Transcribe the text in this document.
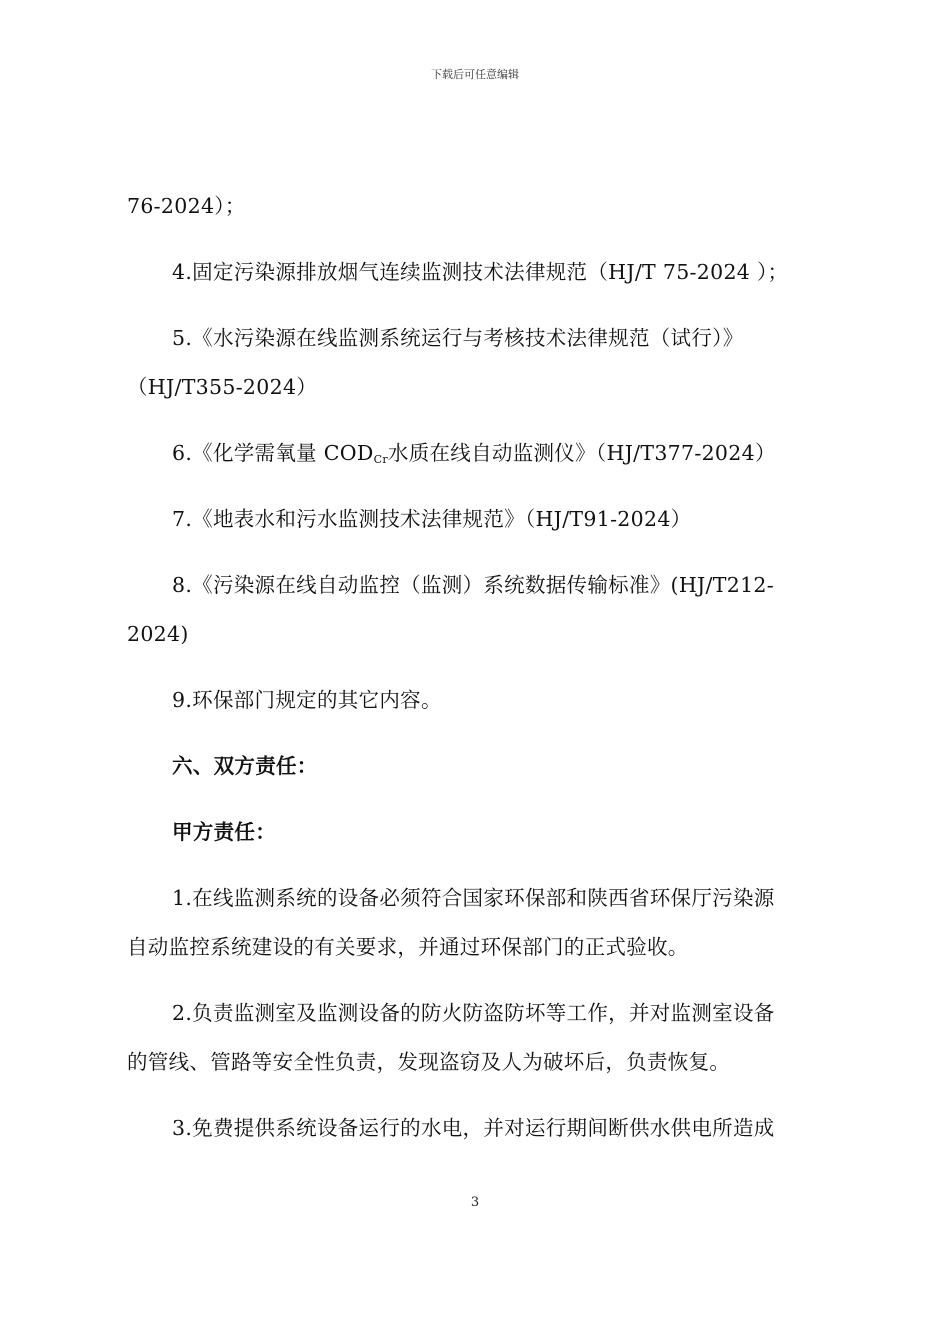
下载后可任意编辑
76-2024）；
4.固定污染源排放烟气连续监测技术法律规范（HJ/T 75-2024 ）；
5.《水污染源在线监测系统运行与考核技术法律规范（试行）》
（HJ/T355-2024）
6.《化学需氧量 $COD_{Cr}$水质在线自动监测仪》（HJ/T377-2024）
7.《地表水和污水监测技术法律规范》（HJ/T91-2024）
8.《污染源在线自动监控（监测）系统数据传输标准》(HJ/T212-
2024)
9.环保部门规定的其它内容。
六、双方责任：
甲方责任：
1.在线监测系统的设备必须符合国家环保部和陕西省环保厅污染源
自动监控系统建设的有关要求，并通过环保部门的正式验收。
2.负责监测室及监测设备的防火防盗防坏等工作，并对监测室设备
的管线、管路等安全性负责，发现盗窃及人为破坏后，负责恢复。
3.免费提供系统设备运行的水电，并对运行期间断供水供电所造成
3
